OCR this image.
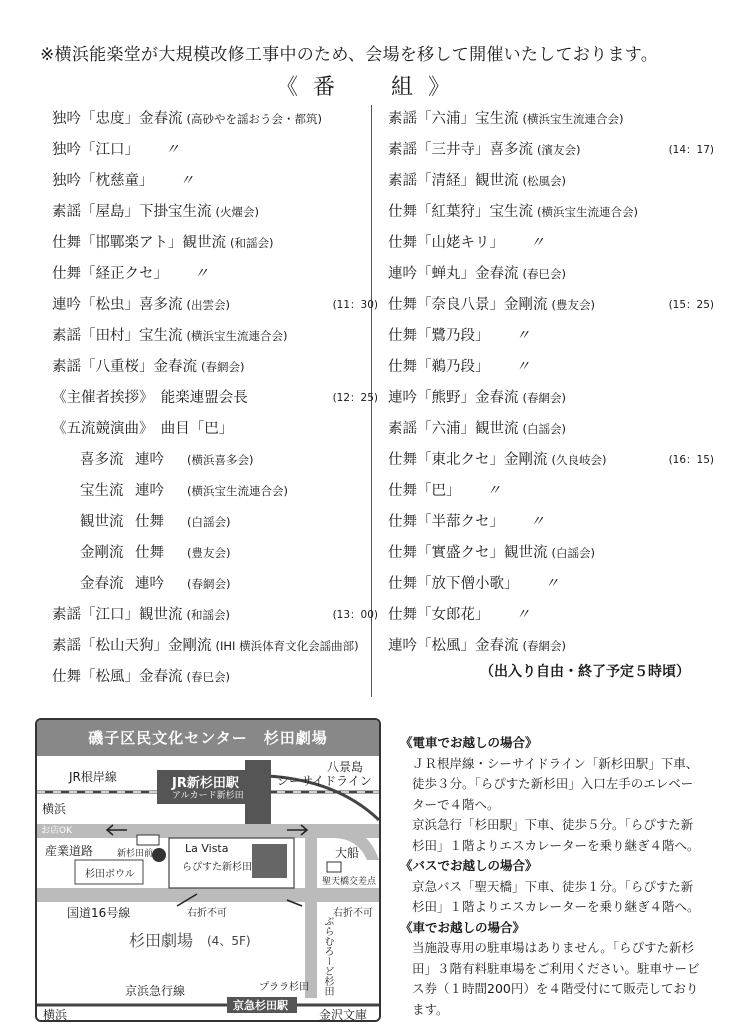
※横浜能楽堂が大規模改修工事中のため、会場を移して開催いたしております。
《 番　　組 》
独吟「忠度」金春流 (高砂やを謡おう会・都筑)
独吟「江口」 〃
独吟「枕慈童」 〃
素謡「屋島」下掛宝生流 (火燿会)
仕舞「邯鄲楽アト」観世流 (和謡会)
仕舞「経正クセ」 〃
連吟「松虫」喜多流 (出雲会)	(11：30)
素謡「田村」宝生流 (横浜宝生流連合会)
素謡「八重桜」金春流 (春網会)
《主催者挨拶》　能楽連盟会長	(12：25)
《五流競演曲》　曲目「巴」
喜多流 連吟 (横浜喜多会)
宝生流 連吟 (横浜宝生流連合会)
観世流 仕舞 (白謡会)
金剛流 仕舞 (豊友会)
金春流 連吟 (春網会)
素謡「江口」観世流 (和謡会)	(13：00)
素謡「松山天狗」金剛流 (IHI 横浜体育文化会謡曲部)
仕舞「松風」金春流 (春巳会)
素謡「六浦」宝生流 (横浜宝生流連合会)
素謡「三井寺」喜多流 (濱友会)	(14：17)
素謡「清経」観世流 (松風会)
仕舞「紅葉狩」宝生流 (横浜宝生流連合会)
仕舞「山姥キリ」 〃
連吟「蝉丸」金春流 (春巳会)
仕舞「奈良八景」金剛流 (豊友会)	(15：25)
仕舞「鷺乃段」 〃
仕舞「鵜乃段」 〃
連吟「熊野」金春流 (春網会)
素謡「六浦」観世流 (白謡会)
仕舞「東北クセ」金剛流 (久良岐会)	(16：15)
仕舞「巴」 〃
仕舞「半蔀クセ」 〃
仕舞「實盛クセ」観世流 (白謡会)
仕舞「放下僧小歌」 〃
仕舞「女郎花」 〃
連吟「松風」金春流 (春網会)
（出入り自由・終了予定５時頃）
磯子区民文化センター　杉田劇場
JR根岸線
八景島
JR新杉田駅
アルカード新杉田
シーサイドライン
横浜
お店OK
産業道路	新杉田前	La Vista
らぴすた新杉田
大船
杉田ボウル
聖天橋交差点
国道16号線	右折不可	右折不可
杉田劇場 (4、5F)	ぶらむろーど杉田
京浜急行線	プララ杉田
京急杉田駅
横浜	金沢文庫
《電車でお越しの場合》
ＪＲ根岸線・シーサイドライン「新杉田駅」下車、徒歩３分。「らぴすた新杉田」入口左手のエレベーターで４階へ。
京浜急行「杉田駅」下車、徒歩５分。「らぴすた新杉田」１階よりエスカレーターを乗り継ぎ４階へ。
《バスでお越しの場合》
京急バス「聖天橋」下車、徒歩１分。「らぴすた新杉田」１階よりエスカレーターを乗り継ぎ４階へ。
《車でお越しの場合》
当施設専用の駐車場はありません。「らぴすた新杉田」３階有料駐車場をご利用ください。駐車サービス券（１時間200円）を４階受付にて販売しております。
